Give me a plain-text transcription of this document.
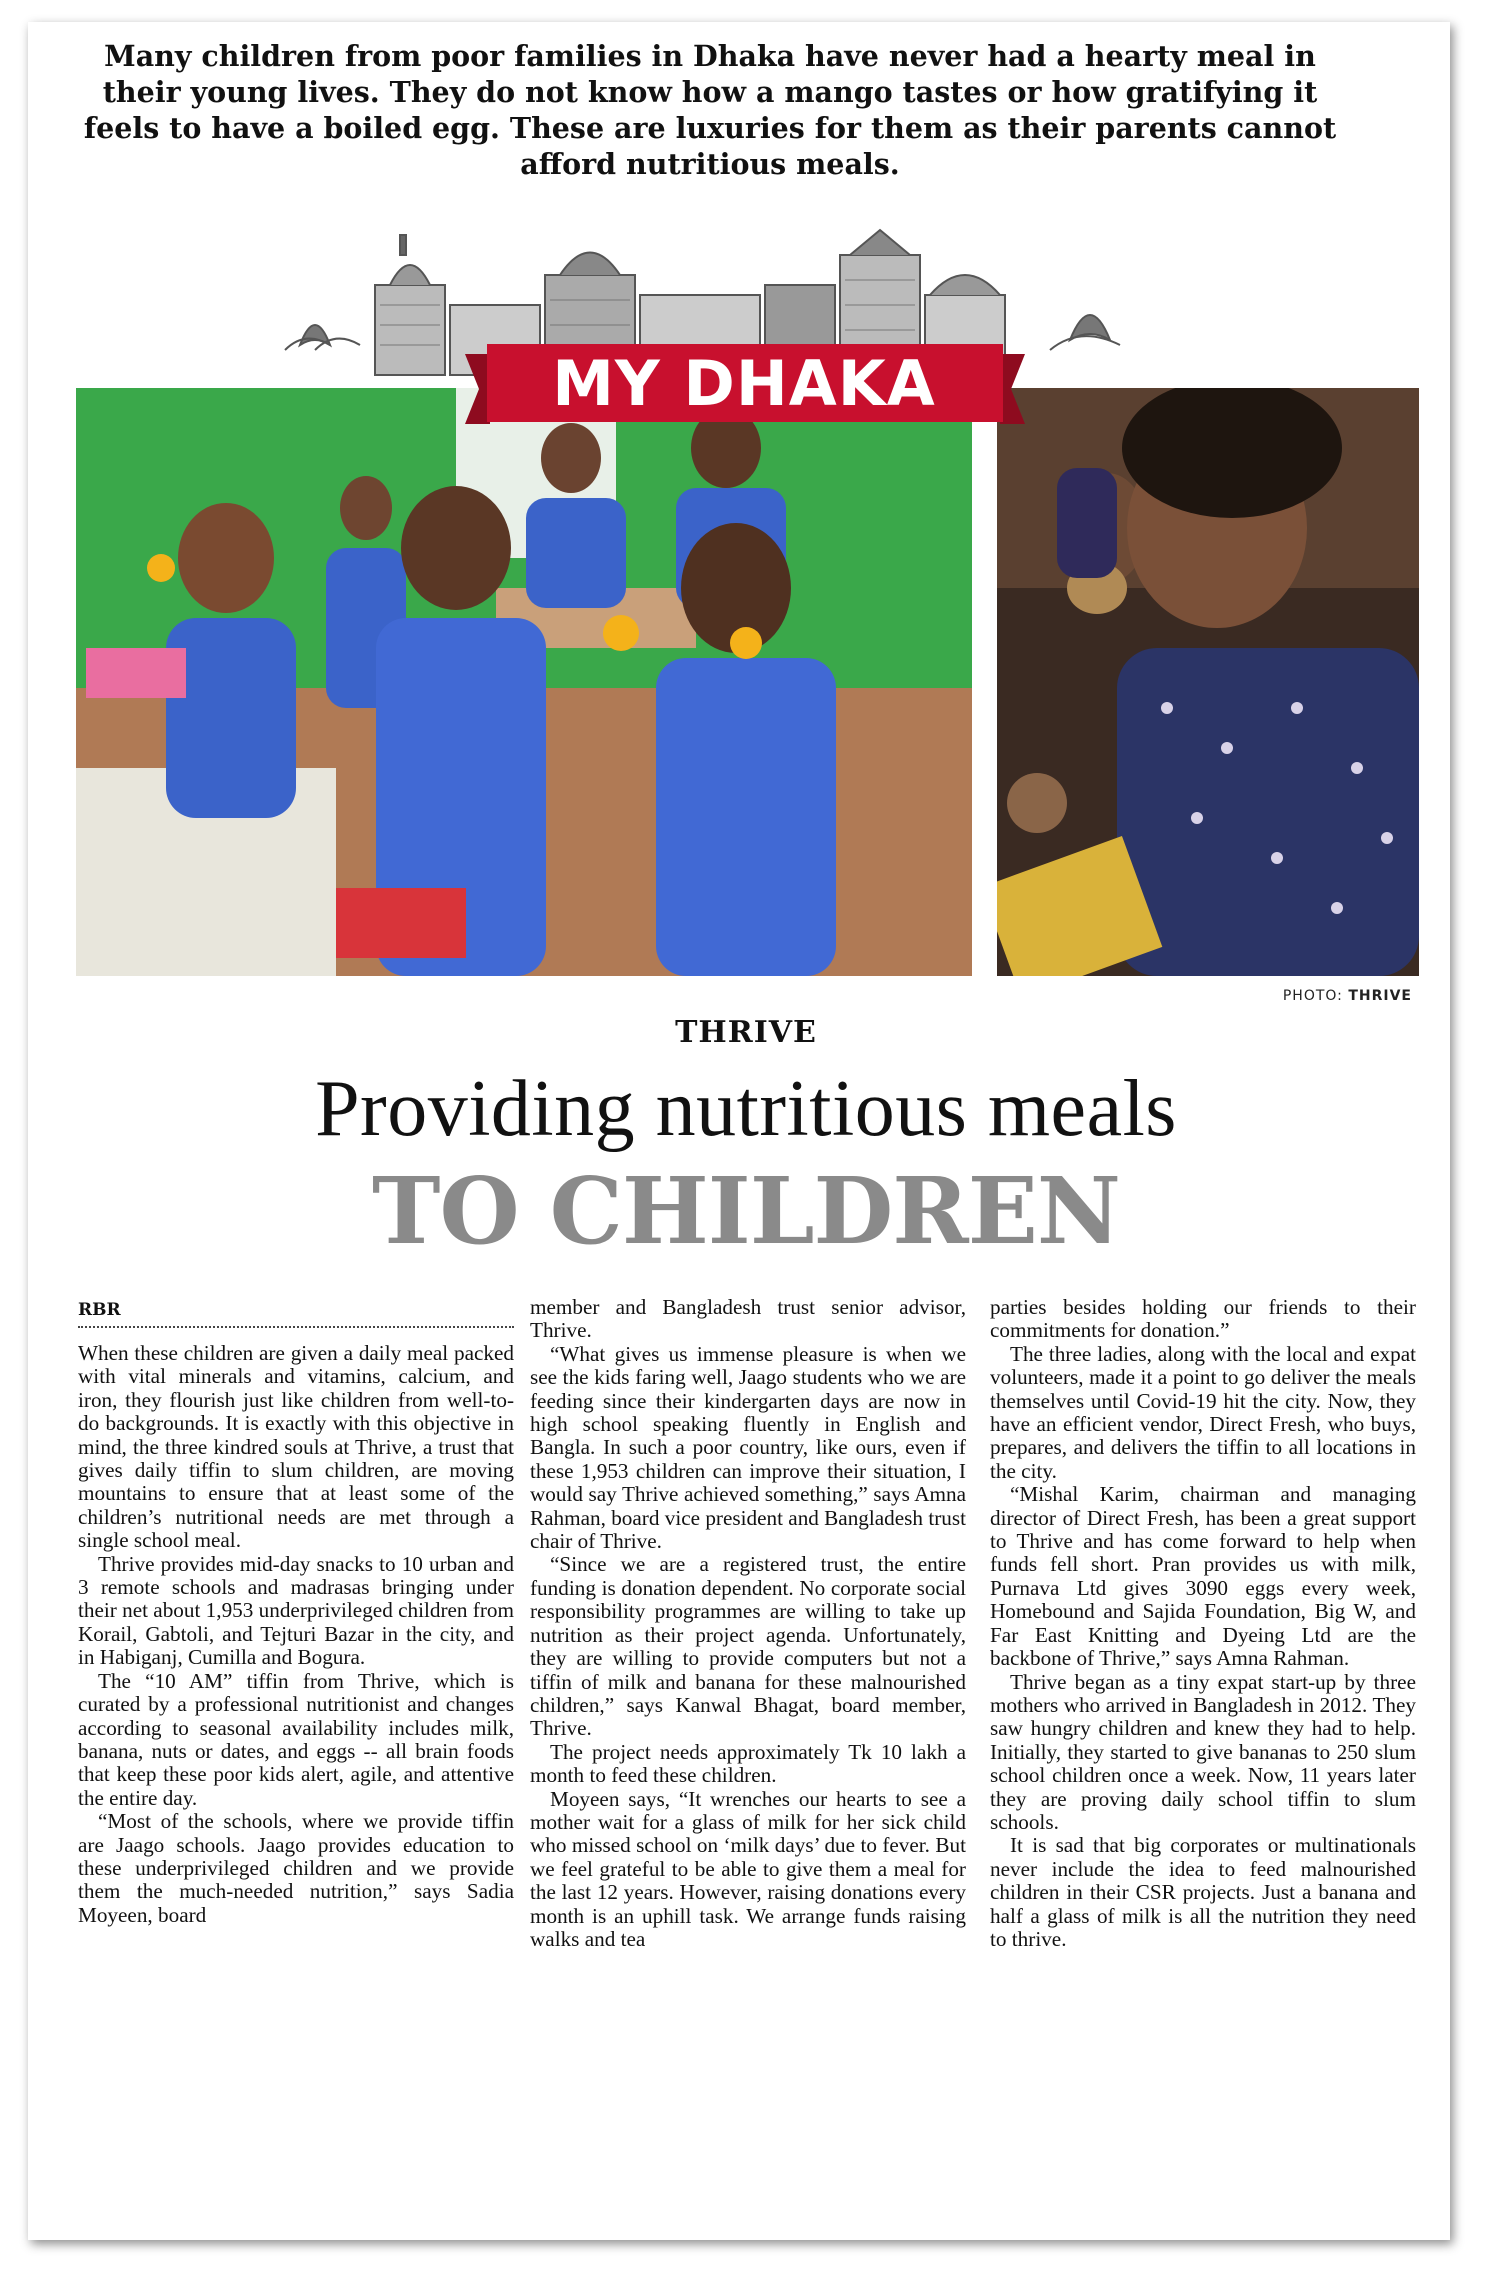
Many children from poor families in Dhaka have never had a hearty meal in their young lives. They do not know how a mango tastes or how gratifying it feels to have a boiled egg. These are luxuries for them as their parents cannot afford nutritious meals.
MY DHAKA
PHOTO: THRIVE
THRIVE
Providing nutritious meals
TO CHILDREN
RBR

When these children are given a daily meal packed with vital minerals and vitamins, calcium, and iron, they flourish just like children from well-to-do backgrounds. It is exactly with this objective in mind, the three kindred souls at Thrive, a trust that gives daily tiffin to slum children, are moving mountains to ensure that at least some of the children’s nutritional needs are met through a single school meal.

Thrive provides mid-day snacks to 10 urban and 3 remote schools and madrasas bringing under their net about 1,953 underprivileged children from Korail, Gabtoli, and Tejturi Bazar in the city, and in Habiganj, Cumilla and Bogura.

The “10 AM” tiffin from Thrive, which is curated by a professional nutritionist and changes according to seasonal availability includes milk, banana, nuts or dates, and eggs -- all brain foods that keep these poor kids alert, agile, and attentive the entire day.

“Most of the schools, where we provide tiffin are Jaago schools. Jaago provides education to these underprivileged children and we provide them the much-needed nutrition,” says Sadia Moyeen, board

member and Bangladesh trust senior advisor, Thrive.

“What gives us immense pleasure is when we see the kids faring well, Jaago students who we are feeding since their kindergarten days are now in high school speaking fluently in English and Bangla. In such a poor country, like ours, even if these 1,953 children can improve their situation, I would say Thrive achieved something,” says Amna Rahman, board vice president and Bangladesh trust chair of Thrive.

“Since we are a registered trust, the entire funding is donation dependent. No corporate social responsibility programmes are willing to take up nutrition as their project agenda. Unfortunately, they are willing to provide computers but not a tiffin of milk and banana for these malnourished children,” says Kanwal Bhagat, board member, Thrive.

The project needs approximately Tk 10 lakh a month to feed these children.

Moyeen says, “It wrenches our hearts to see a mother wait for a glass of milk for her sick child who missed school on ‘milk days’ due to fever. But we feel grateful to be able to give them a meal for the last 12 years. However, raising donations every month is an uphill task. We arrange funds raising walks and tea

parties besides holding our friends to their commitments for donation.”

The three ladies, along with the local and expat volunteers, made it a point to go deliver the meals themselves until Covid-19 hit the city. Now, they have an efficient vendor, Direct Fresh, who buys, prepares, and delivers the tiffin to all locations in the city.

“Mishal Karim, chairman and managing director of Direct Fresh, has been a great support to Thrive and has come forward to help when funds fell short. Pran provides us with milk, Purnava Ltd gives 3090 eggs every week, Homebound and Sajida Foundation, Big W, and Far East Knitting and Dyeing Ltd are the backbone of Thrive,” says Amna Rahman.

Thrive began as a tiny expat start-up by three mothers who arrived in Bangladesh in 2012. They saw hungry children and knew they had to help. Initially, they started to give bananas to 250 slum school children once a week. Now, 11 years later they are proving daily school tiffin to slum schools.

It is sad that big corporates or multinationals never include the idea to feed malnourished children in their CSR projects. Just a banana and half a glass of milk is all the nutrition they need to thrive.
